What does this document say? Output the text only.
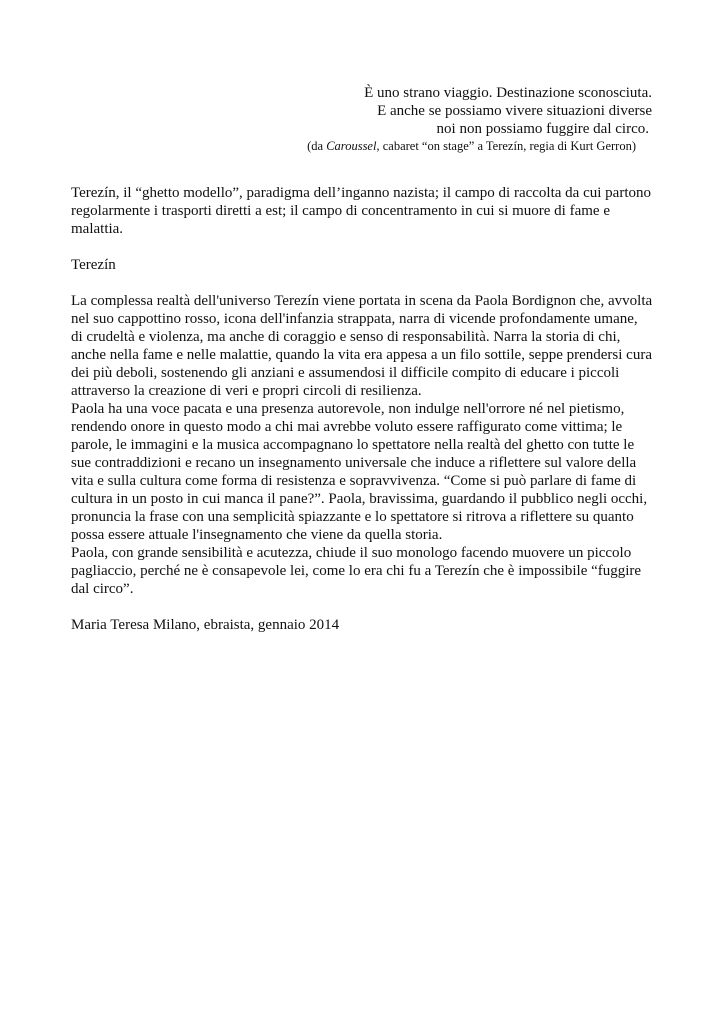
È uno strano viaggio. Destinazione sconosciuta.
E anche se possiamo vivere situazioni diverse
noi non possiamo fuggire dal circo.
(da Caroussel, cabaret “on stage” a Terezín, regia di Kurt Gerron)

Terezín, il “ghetto modello”, paradigma dell’inganno nazista; il campo di raccolta da cui partono regolarmente i trasporti diretti a est; il campo di concentramento in cui si muore di fame e malattia.

Terezín

La complessa realtà dell'universo Terezín viene portata in scena da Paola Bordignon che, avvolta nel suo cappottino rosso, icona dell'infanzia strappata, narra di vicende profondamente umane, di crudeltà e violenza, ma anche di coraggio e senso di responsabilità. Narra la storia di chi, anche nella fame e nelle malattie, quando la vita era appesa a un filo sottile, seppe prendersi cura dei più deboli, sostenendo gli anziani e assumendosi il difficile compito di educare i piccoli attraverso la creazione di veri e propri circoli di resilienza.

Paola ha una voce pacata e una presenza autorevole, non indulge nell'orrore né nel pietismo, rendendo onore in questo modo a chi mai avrebbe voluto essere raffigurato come vittima; le parole, le immagini e la musica accompagnano lo spettatore nella realtà del ghetto con tutte le sue contraddizioni e recano un insegnamento universale che induce a riflettere sul valore della vita e sulla cultura come forma di resistenza e sopravvivenza. “Come si può parlare di fame di cultura in un posto in cui manca il pane?”. Paola, bravissima, guardando il pubblico negli occhi, pronuncia la frase con una semplicità spiazzante e lo spettatore si ritrova a riflettere su quanto possa essere attuale l'insegnamento che viene da quella storia.

Paola, con grande sensibilità e acutezza, chiude il suo monologo facendo muovere un piccolo pagliaccio, perché ne è consapevole lei, come lo era chi fu a Terezín che è impossibile “fuggire dal circo”.

Maria Teresa Milano, ebraista, gennaio 2014
